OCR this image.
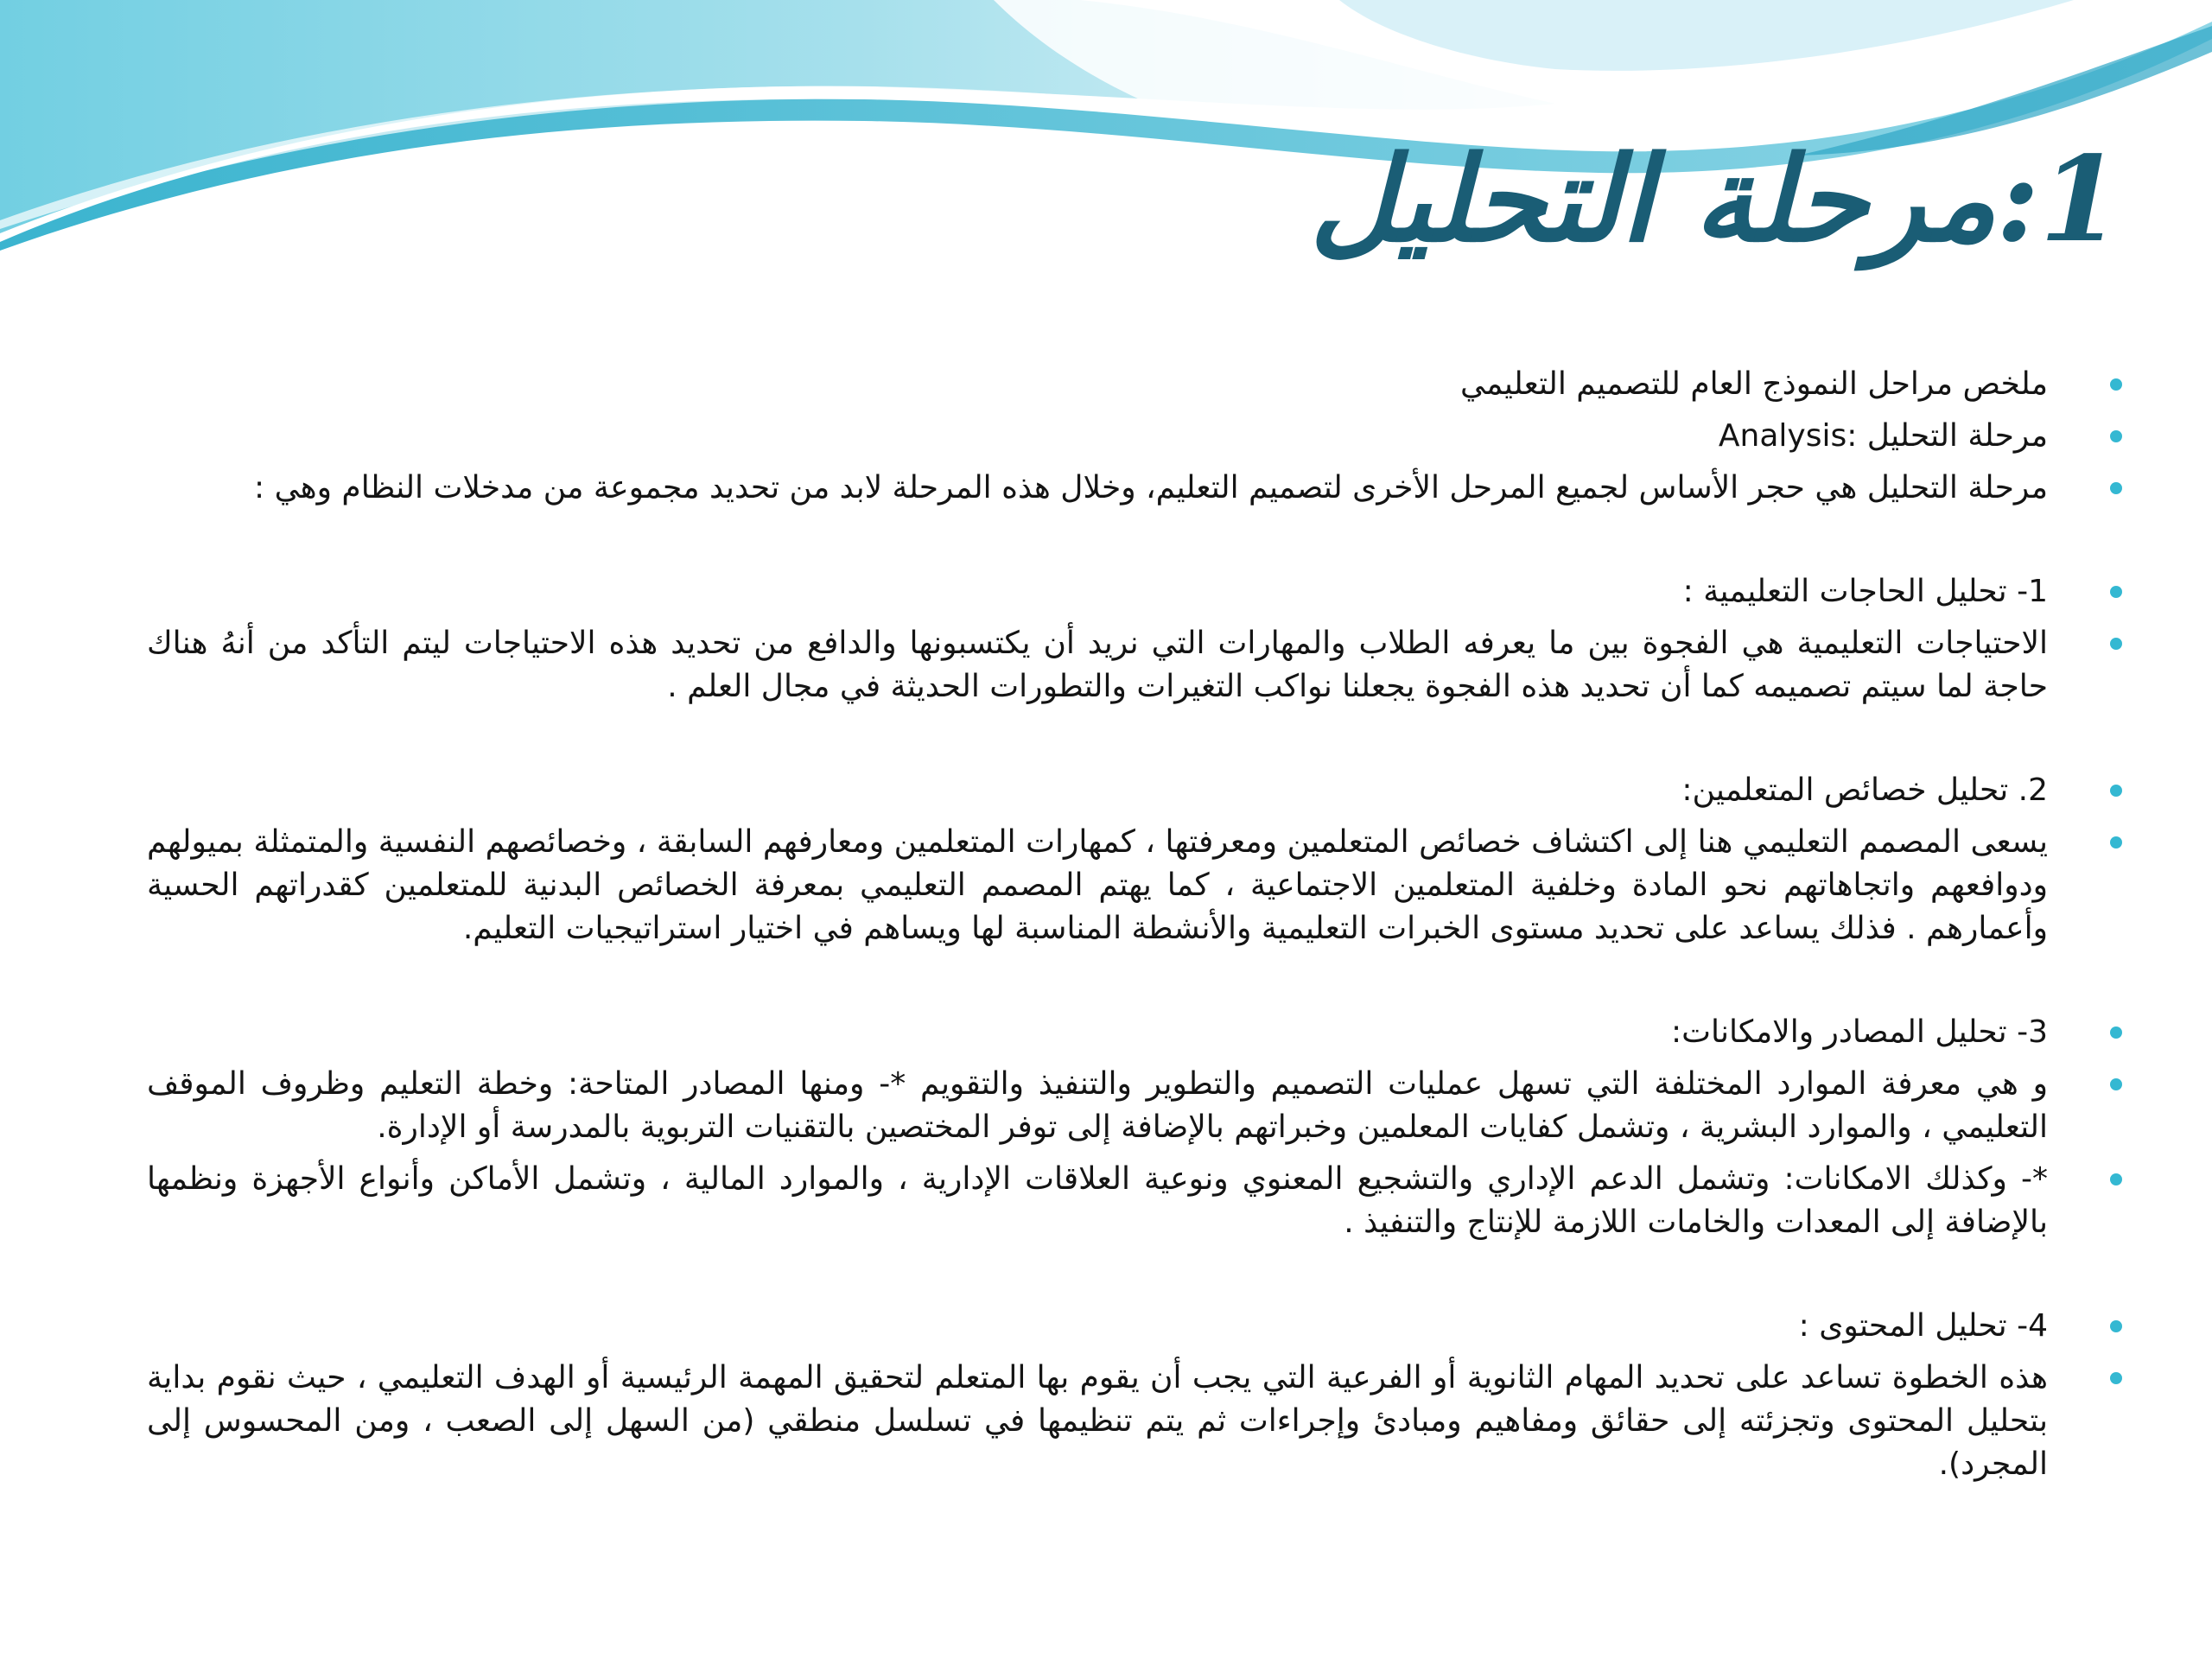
1:مرحلة التحليل

ملخص مراحل النموذج العام للتصميم التعليمي

مرحلة التحليل :Analysis

مرحلة التحليل هي حجر الأساس لجميع المرحل الأخرى لتصميم التعليم، وخلال هذه المرحلة لابد من تحديد مجموعة من مدخلات النظام وهي :

1- تحليل الحاجات التعليمية :

الاحتياجات التعليمية هي الفجوة بين ما يعرفه الطلاب والمهارات التي نريد أن يكتسبونها والدافع من تحديد هذه الاحتياجات ليتم التأكد من أنهُ هناك حاجة لما سيتم تصميمه كما أن تحديد هذه الفجوة يجعلنا نواكب التغيرات والتطورات الحديثة في مجال العلم .

2. تحليل خصائص المتعلمين:

يسعى المصمم التعليمي هنا إلى اكتشاف خصائص المتعلمين ومعرفتها ، كمهارات المتعلمين ومعارفهم السابقة ، وخصائصهم النفسية والمتمثلة بميولهم ودوافعهم واتجاهاتهم نحو المادة وخلفية المتعلمين الاجتماعية ، كما يهتم المصمم التعليمي بمعرفة الخصائص البدنية للمتعلمين كقدراتهم الحسية وأعمارهم . فذلك يساعد على تحديد مستوى الخبرات التعليمية والأنشطة المناسبة لها ويساهم في اختيار استراتيجيات التعليم.

3- تحليل المصادر والامكانات:

و هي معرفة الموارد المختلفة التي تسهل عمليات التصميم والتطوير والتنفيذ والتقويم *- ومنها المصادر المتاحة: وخطة التعليم وظروف الموقف التعليمي ، والموارد البشرية ، وتشمل كفايات المعلمين وخبراتهم بالإضافة إلى توفر المختصين بالتقنيات التربوية بالمدرسة أو الإدارة.

*- وكذلك الامكانات: وتشمل الدعم الإداري والتشجيع المعنوي ونوعية العلاقات الإدارية ، والموارد المالية ، وتشمل الأماكن وأنواع الأجهزة ونظمها بالإضافة إلى المعدات والخامات اللازمة للإنتاج والتنفيذ .

4- تحليل المحتوى :

هذه الخطوة تساعد على تحديد المهام الثانوية أو الفرعية التي يجب أن يقوم بها المتعلم لتحقيق المهمة الرئيسية أو الهدف التعليمي ، حيث نقوم بداية بتحليل المحتوى وتجزئته إلى حقائق ومفاهيم ومبادئ وإجراءات ثم يتم تنظيمها في تسلسل منطقي (من السهل إلى الصعب ، ومن المحسوس إلى المجرد).
